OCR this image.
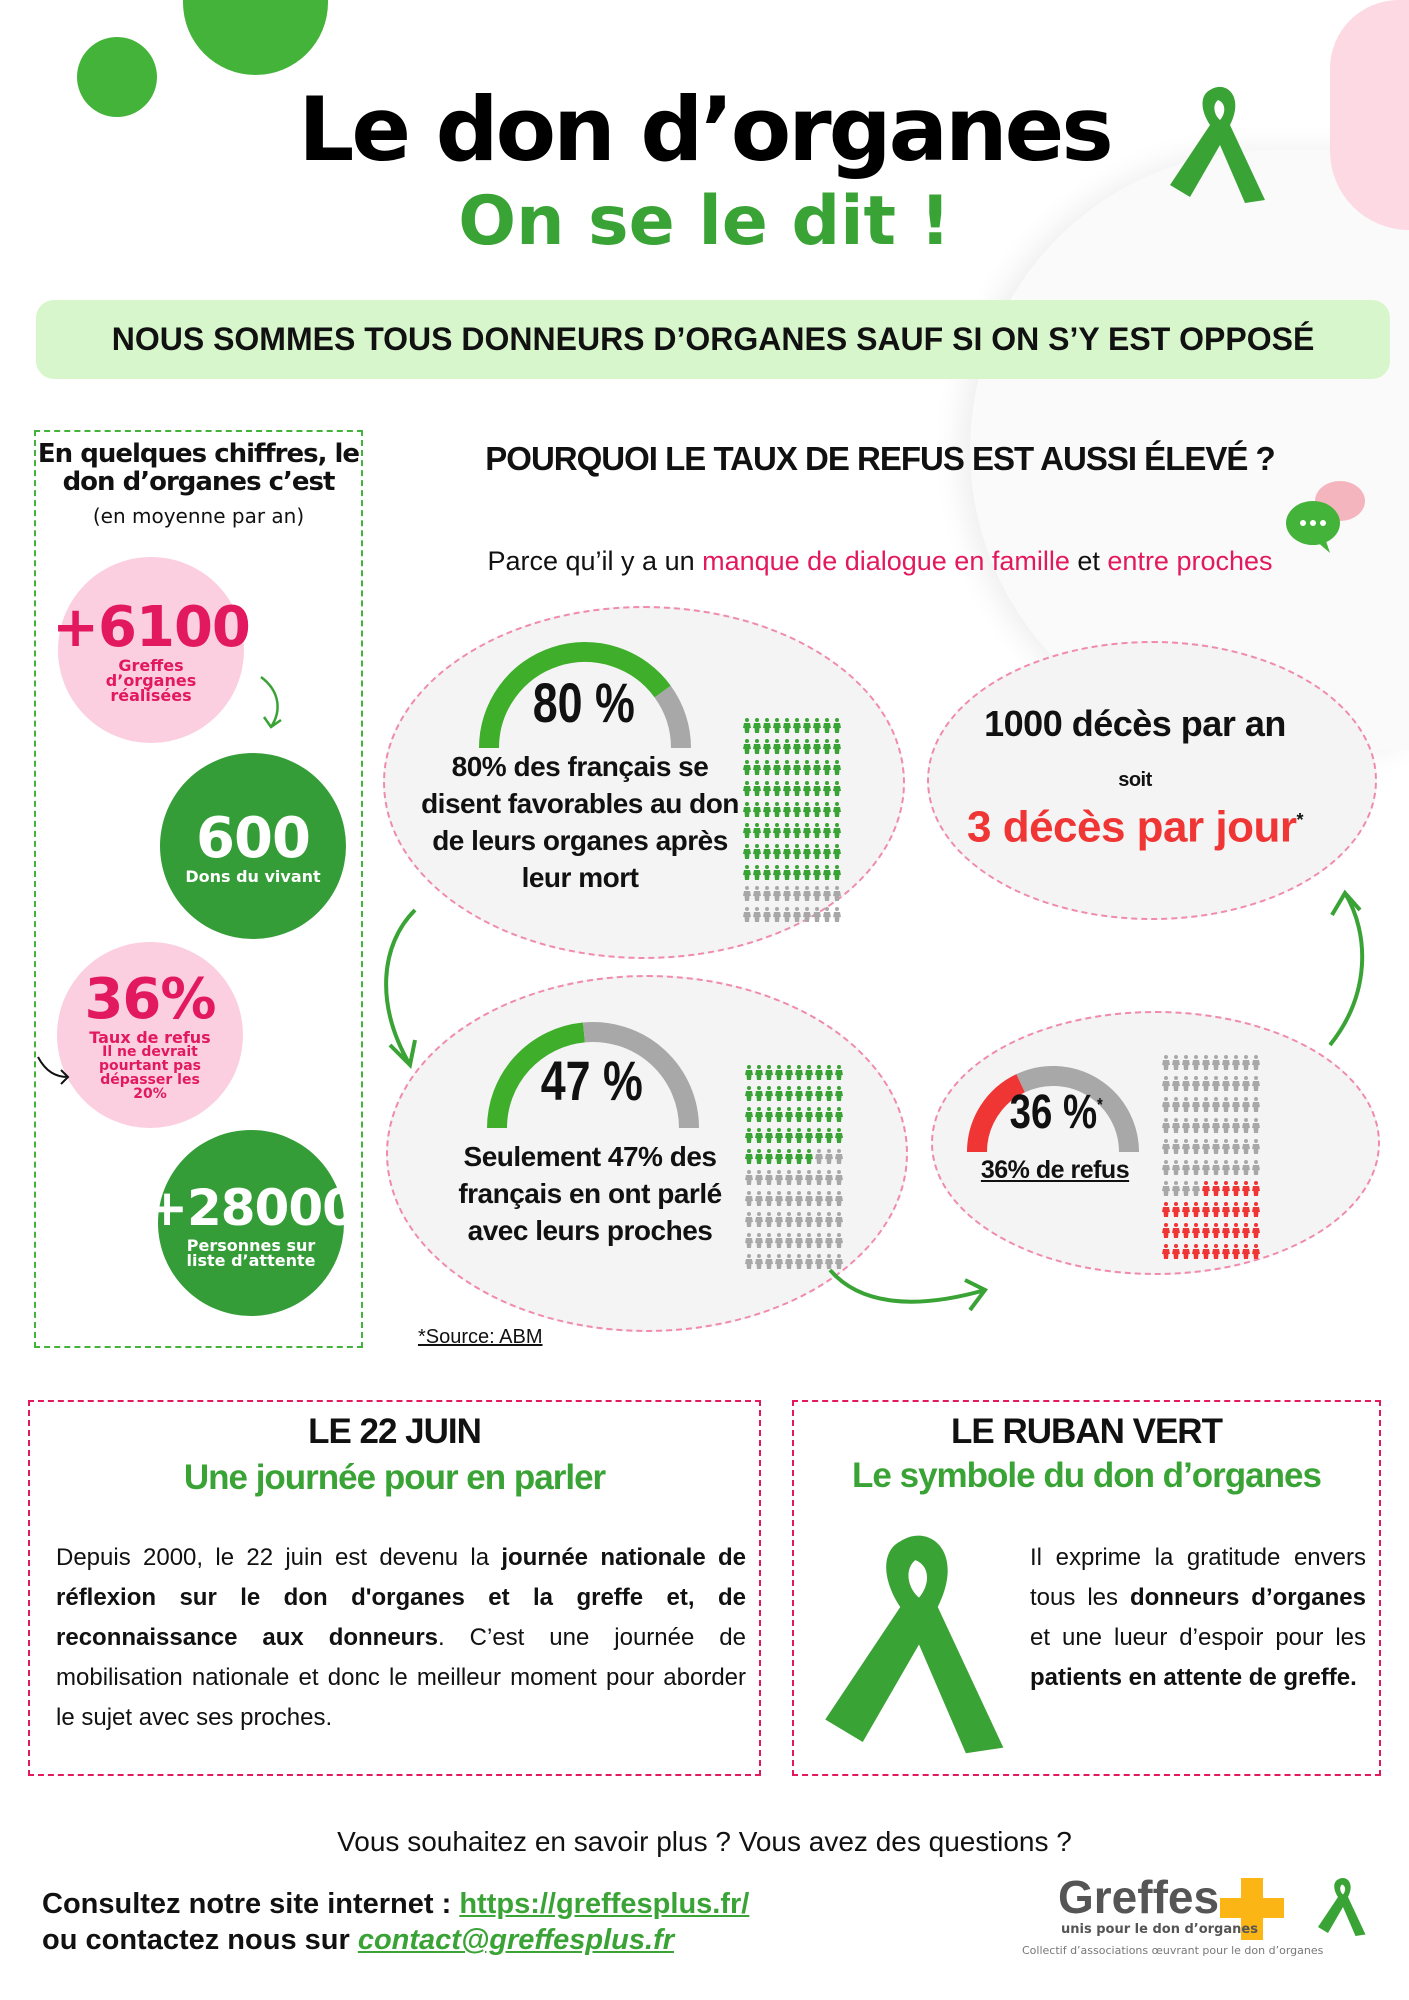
Le don d’organes
On se le dit !
NOUS SOMMES TOUS DONNEURS D’ORGANES SAUF SI ON S’Y EST OPPOSÉ
En quelques chiffres, le don d’organes c’est
(en moyenne par an)
+6100
Greffes d’organes réalisées
600
Dons du vivant
36%
Taux de refus
Il ne devrait pourtant pas dépasser les 20%
+28000
Personnes sur liste d’attente
POURQUOI LE TAUX DE REFUS EST AUSSI ÉLEVÉ ?
Parce qu’il y a un manque de dialogue en famille et entre proches
80 %
80% des français se disent favorables au don de leurs organes après leur mort
1000 décès par an
soit
3 décès par jour*
47 %
Seulement 47% des français en ont parlé avec leurs proches
36 %*
36% de refus
*Source: ABM
LE 22 JUIN
Une journée pour en parler
Depuis 2000, le 22 juin est devenu la journée nationale de réflexion sur le don d'organes et la greffe et, de reconnaissance aux donneurs. C’est une journée de mobilisation nationale et donc le meilleur moment pour aborder le sujet avec ses proches.
LE RUBAN VERT
Le symbole du don d’organes
Il exprime la gratitude envers tous les donneurs d’organes et une lueur d’espoir pour les patients en attente de greffe.
Vous souhaitez en savoir plus ? Vous avez des questions ?
Consultez notre site internet : https://greffesplus.fr/
ou contactez nous sur contact@greffesplus.fr
Greffes
unis pour le don d’organes
Collectif d’associations œuvrant pour le don d’organes
